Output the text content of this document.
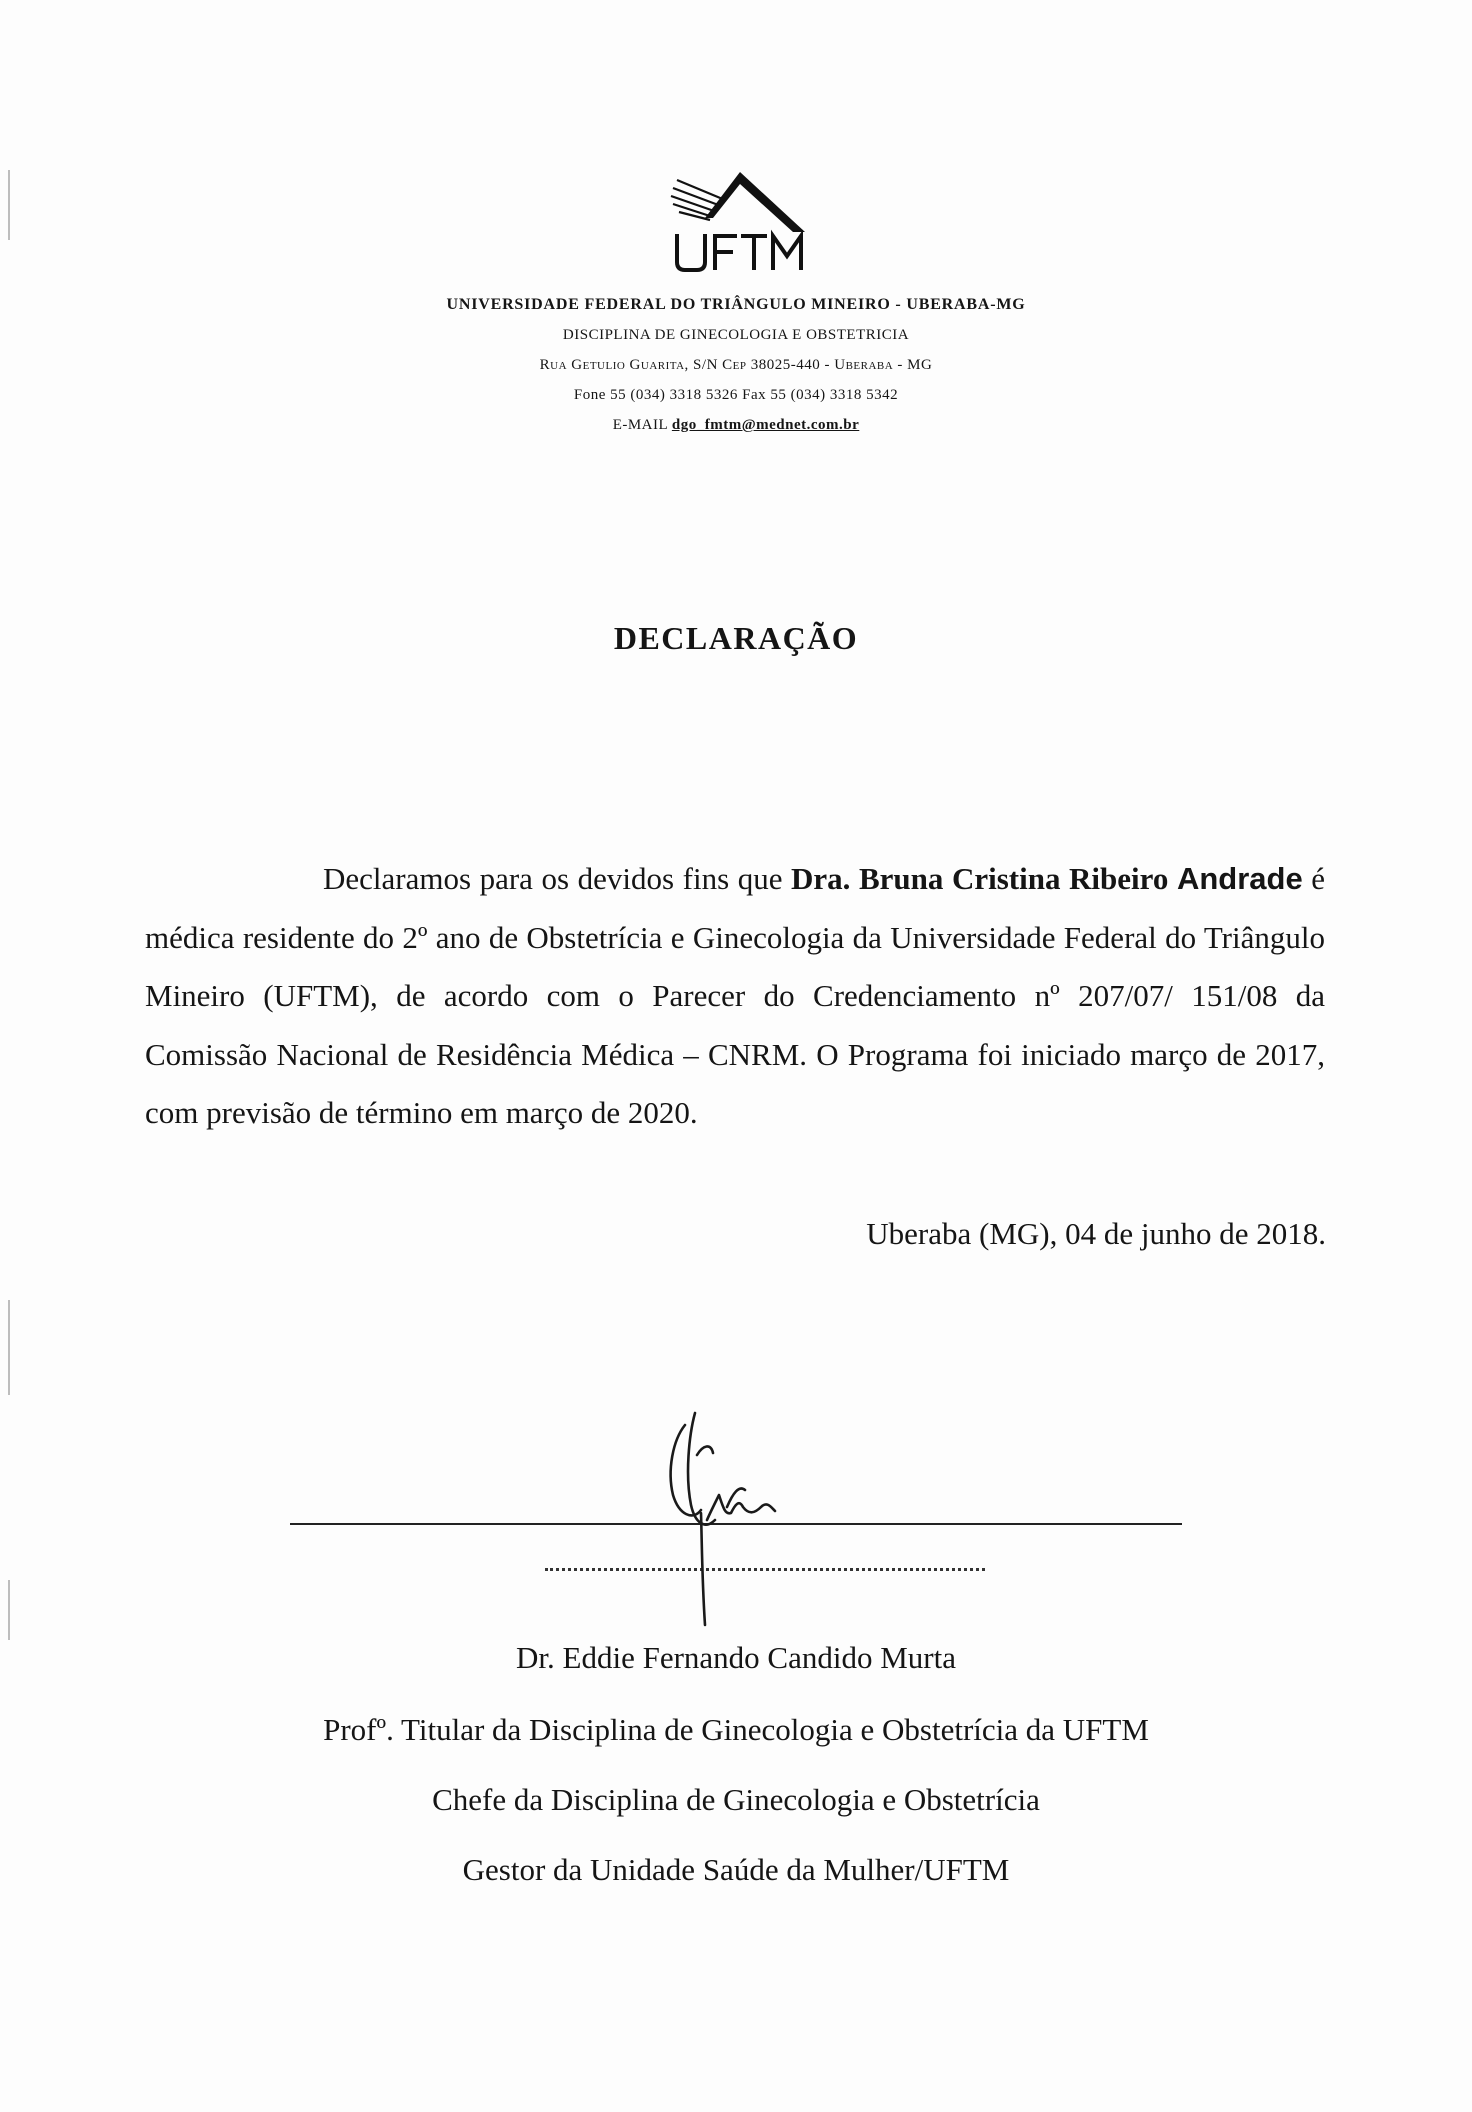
UFTM
UNIVERSIDADE FEDERAL DO TRIÂNGULO MINEIRO - UBERABA-MG
DISCIPLINA DE GINECOLOGIA E OBSTETRICIA
Rua Getulio Guarita, S/N Cep 38025-440 - Uberaba - MG
Fone 55 (034) 3318 5326 Fax 55 (034) 3318 5342
E-MAIL dgo_fmtm@mednet.com.br
DECLARAÇÃO
Declaramos para os devidos fins que Dra. Bruna Cristina Ribeiro Andrade é médica residente do 2º ano de Obstetrícia e Ginecologia da Universidade Federal do Triângulo Mineiro (UFTM), de acordo com o Parecer do Credenciamento nº 207/07/ 151/08 da Comissão Nacional de Residência Médica – CNRM. O Programa foi iniciado março de 2017, com previsão de término em março de 2020.
Uberaba (MG), 04 de junho de 2018.
Dr. Eddie Fernando Candido Murta
Profº. Titular da Disciplina de Ginecologia e Obstetrícia da UFTM
Chefe da Disciplina de Ginecologia e Obstetrícia
Gestor da Unidade Saúde da Mulher/UFTM
